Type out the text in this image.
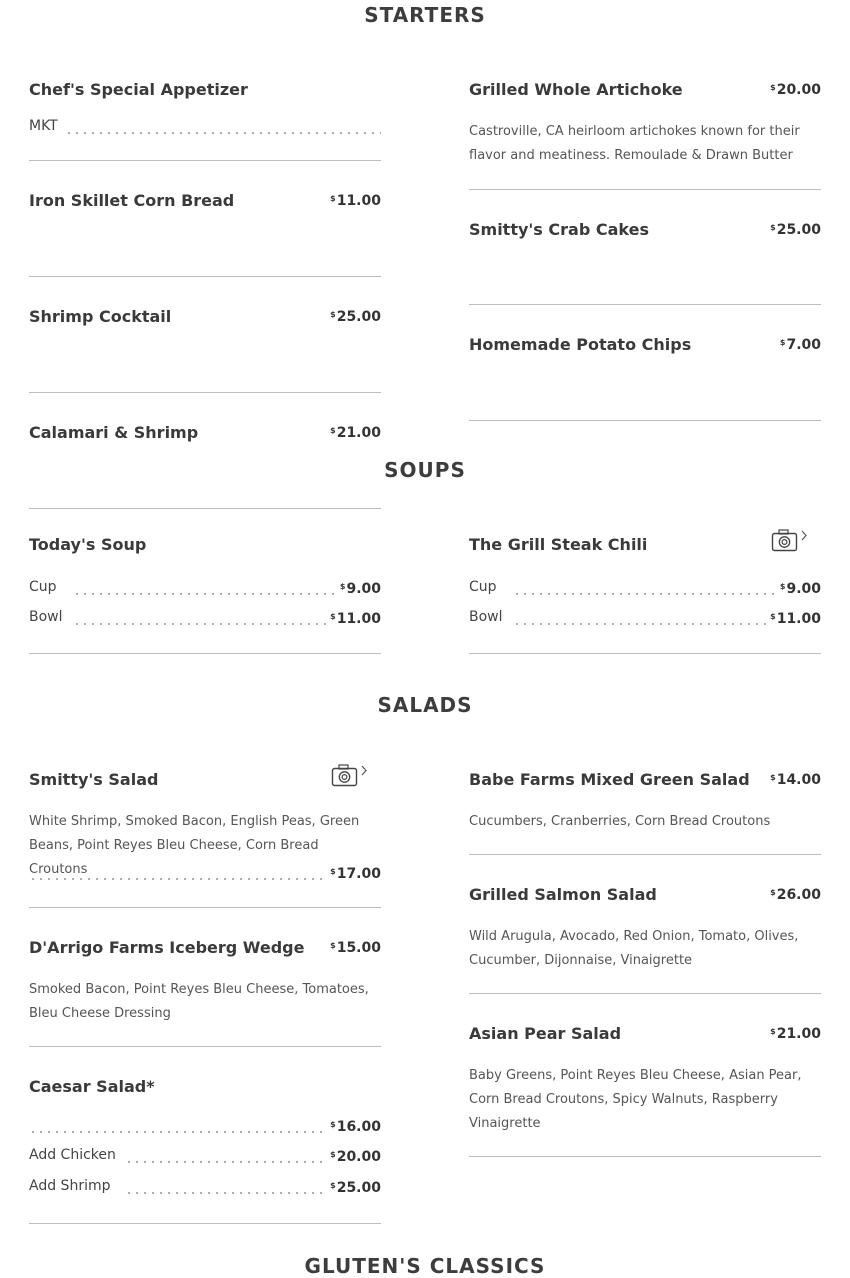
STARTERS
Chef's Special Appetizer
MKT
Iron Skillet Corn Bread	$11.00
Shrimp Cocktail	$25.00
Calamari & Shrimp	$21.00
Grilled Whole Artichoke	$20.00

Castroville, CA heirloom artichokes known for their flavor and meatiness. Remoulade & Drawn Butter

Smitty's Crab Cakes	$25.00
Homemade Potato Chips	$7.00
SOUPS
Today's Soup
Cup	$9.00
Bowl	$11.00
The Grill Steak Chili
Cup	$9.00
Bowl	$11.00
SALADS
Smitty's Salad

White Shrimp, Smoked Bacon, English Peas, Green Beans, Point Reyes Bleu Cheese, Corn Bread Croutons	$17.00
D'Arrigo Farms Iceberg Wedge	$15.00

Smoked Bacon, Point Reyes Bleu Cheese, Tomatoes, Bleu Cheese Dressing

Caesar Salad*
$16.00
Add Chicken	$20.00
Add Shrimp	$25.00
Babe Farms Mixed Green Salad	$14.00

Cucumbers, Cranberries, Corn Bread Croutons

Grilled Salmon Salad	$26.00

Wild Arugula, Avocado, Red Onion, Tomato, Olives, Cucumber, Dijonnaise, Vinaigrette

Asian Pear Salad	$21.00

Baby Greens, Point Reyes Bleu Cheese, Asian Pear, Corn Bread Croutons, Spicy Walnuts, Raspberry Vinaigrette

GLUTEN'S CLASSICS
